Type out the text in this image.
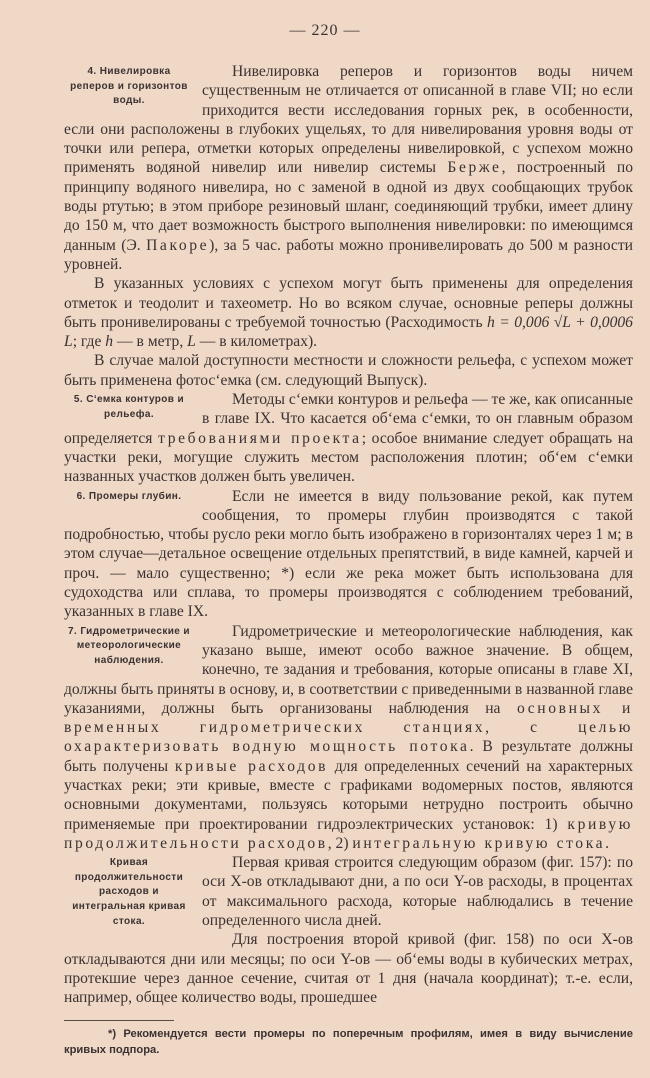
— 220 —

4. Нивелировка реперов и горизонтов воды.
Нивелировка реперов и горизонтов воды ничем существенным не отличается от описанной в главе VII; но если приходится вести исследования горных рек, в особенности, если они расположены в глубоких ущельях, то для нивелирования уровня воды от точки или репера, отметки которых определены нивелировкой, с успехом можно применять водяной нивелир или нивелир системы Берже, построенный по принципу водяного нивелира, но с заменой в одной из двух сообщающих трубок воды ртутью; в этом приборе резиновый шланг, соединяющий трубки, имеет длину до 150 м, что дает возможность быстрого выполнения нивелировки: по имеющимся данным (Э. Пакоре), за 5 час. работы можно пронивелировать до 500 м разности уровней.

В указанных условиях с успехом могут быть применены для определения отметок и теодолит и тахеометр. Но во всяком случае, основные реперы должны быть пронивелированы с требуемой точностью (Расходимость h = 0,006 √L + 0,0006 L; где h — в метр, L — в километрах).

В случае малой доступности местности и сложности рельефа, с успехом может быть применена фотосʻемка (см. следующий Выпуск).

5. Сʻемка контуров и рельефа.
Методы сʻемки контуров и рельефа — те же, как описанные в главе IX. Что касается обʻема сʻемки, то он главным образом определяется требованиями проекта; особое внимание следует обращать на участки реки, могущие служить местом расположения плотин; обʻем сʻемки названных участков должен быть увеличен.

6. Промеры глубин.	Если не имеется в виду пользование рекой, как путем сообщения, то промеры глубин производятся с такой подробностью, чтобы русло реки могло быть изображено в горизонталях через 1 м; в этом случае—детальное освещение отдельных препятствий, в виде камней, карчей и проч. — мало существенно; *) если же река может быть использована для судоходства или сплава, то промеры производятся с соблюдением требований, указанных в главе IX.

7. Гидрометрические и метеорологические наблюдения.
Гидрометрические и метеорологические наблюдения, как указано выше, имеют особо важное значение. В общем, конечно, те задания и требования, которые описаны в главе XI, должны быть приняты в основу, и, в соответствии с приведенными в названной главе указаниями, должны быть организованы наблюдения на основных и временных гидрометрических станциях, с целью охарактеризовать водную мощность потока. В результате должны быть получены кривые расходов для определенных сечений на характерных участках реки; эти кривые, вместе с графиками водомерных постов, являются основными документами, пользуясь которыми нетрудно построить обычно применяемые при проектировании гидроэлектрических установок: 1) кривую продолжительности расходов, 2) интегральную кривую стока.

Кривая продолжительности расходов и интегральная кривая стока.
Первая кривая строится следующим образом (фиг. 157): по оси X-ов откладывают дни, а по оси Y-ов расходы, в процентах от максимального расхода, которые наблюдались в течение определенного числа дней.

Для построения второй кривой (фиг. 158) по оси X-ов откладываются дни или месяцы; по оси Y-ов — обʻемы воды в кубических метрах, протекшие через данное сечение, считая от 1 дня (начала координат); т.-е. если, например, общее количество воды, прошедшее

*) Рекомендуется вести промеры по поперечным профилям, имея в виду вычисление кривых подпора.
